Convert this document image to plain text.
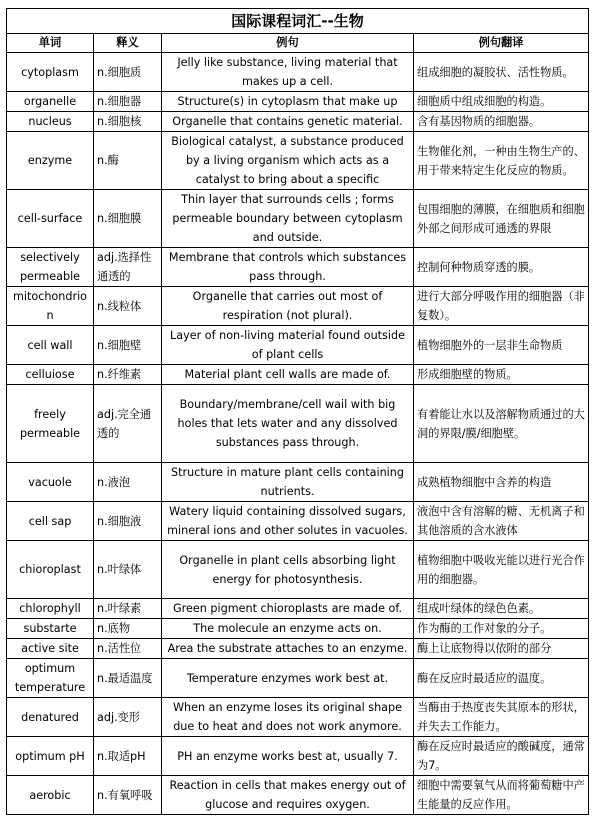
国际课程词汇--生物			
单词	释义	例句	例句翻译
cytoplasm	n.细胞质	Jelly like substance, living material that makes up a cell.	组成细胞的凝胶状、活性物质。
organelle	n.细胞器	Structure(s) in cytoplasm that make up	细胞质中组成细胞的构造。
nucleus	n.细胞核	Organelle that contains genetic material.	含有基因物质的细胞器。
enzyme	n.酶	Biological catalyst, a substance produced by a living organism which acts as a catalyst to bring about a specific	生物催化剂，一种由生物生产的、用于带来特定生化反应的物质。
cell-surface	n.细胞膜	Thin layer that surrounds cells ; forms permeable boundary between cytoplasm and outside.	包围细胞的薄膜，在细胞质和细胞外部之间形成可通透的界限
selectively permeable	adj.选择性通透的	Membrane that controls which substances pass through.	控制何种物质穿透的膜。
mitochondrion	n.线粒体	Organelle that carries out most of respiration (not plural).	进行大部分呼吸作用的细胞器（非复数）。
cell wall	n.细胞壁	Layer of non-living material found outside of plant cells	植物细胞外的一层非生命物质
celluiose	n.纤维素	Material plant cell walls are made of.	形成细胞壁的物质。
freely permeable	adj.完全通透的	Boundary/membrane/cell wail with big holes that lets water and any dissolved substances pass through.	有着能让水以及溶解物质通过的大洞的界限/膜/细胞壁。
vacuole	n.液泡	Structure in mature plant cells containing nutrients.	成熟植物细胞中含养的构造
cell sap	n.细胞液	Watery liquid containing dissolved sugars, mineral ions and other solutes in vacuoles.	液泡中含有溶解的糖、无机离子和其他溶质的含水液体
chioroplast	n.叶绿体	Organelle in plant cells absorbing light energy for photosynthesis.	植物细胞中吸收光能以进行光合作用的细胞器。
chlorophyll	n.叶绿素	Green pigment chioroplasts are made of.	组成叶绿体的绿色色素。
substarte	n.底物	The molecule an enzyme acts on.	作为酶的工作对象的分子。
active site	n.活性位	Area the substrate attaches to an enzyme.	酶上让底物得以依附的部分
optimum temperature	n.最适温度	Temperature enzymes work best at.	酶在反应时最适应的温度。
denatured	adj.变形	When an enzyme loses its original shape due to heat and does not work anymore.	当酶由于热度丧失其原本的形状，并失去工作能力。
optimum pH	n.取适pH	PH an enzyme works best at, usually 7.	酶在反应时最适应的酸碱度，通常为7。
aerobic	n.有氧呼吸	Reaction in cells that makes energy out of glucose and requires oxygen.	细胞中需要氧气从而将葡萄糖中产生能量的反应作用。
